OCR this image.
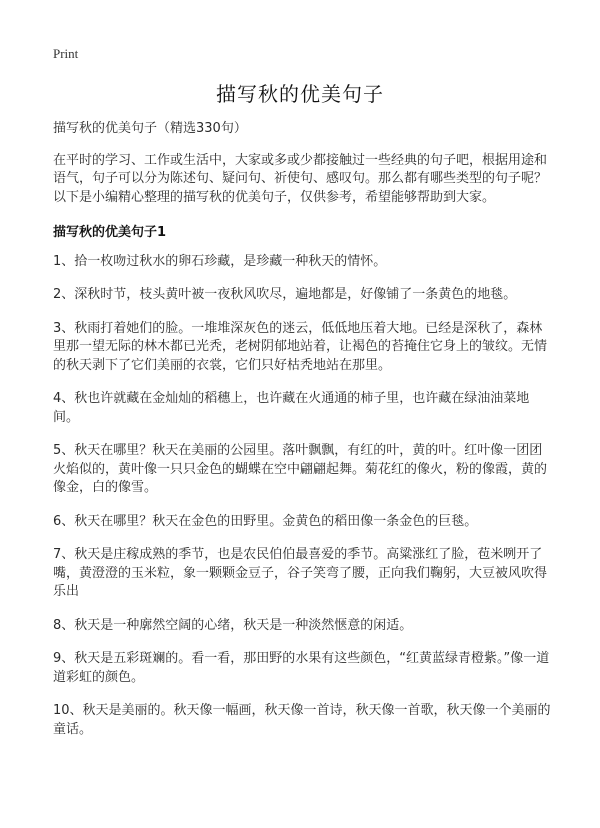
Print
描写秋的优美句子

描写秋的优美句子（精选330句）

在平时的学习、工作或生活中，大家或多或少都接触过一些经典的句子吧，根据用途和语气，句子可以分为陈述句、疑问句、祈使句、感叹句。那么都有哪些类型的句子呢？以下是小编精心整理的描写秋的优美句子，仅供参考，希望能够帮助到大家。

描写秋的优美句子1

1、拾一枚吻过秋水的卵石珍藏，是珍藏一种秋天的情怀。

2、深秋时节，枝头黄叶被一夜秋风吹尽，遍地都是，好像铺了一条黄色的地毯。

3、秋雨打着她们的脸。一堆堆深灰色的迷云，低低地压着大地。已经是深秋了，森林里那一望无际的林木都已光秃，老树阴郁地站着，让褐色的苔掩住它身上的皱纹。无情的秋天剥下了它们美丽的衣裳，它们只好枯秃地站在那里。

4、秋也许就藏在金灿灿的稻穗上，也许藏在火通通的柿子里，也许藏在绿油油菜地间。

5、秋天在哪里？秋天在美丽的公园里。落叶飘飘，有红的叶，黄的叶。红叶像一团团火焰似的，黄叶像一只只金色的蝴蝶在空中翩翩起舞。菊花红的像火，粉的像霞，黄的像金，白的像雪。

6、秋天在哪里？秋天在金色的田野里。金黄色的稻田像一条金色的巨毯。

7、秋天是庄稼成熟的季节，也是农民伯伯最喜爱的季节。高粱涨红了脸，苞米咧开了嘴，黄澄澄的玉米粒，象一颗颗金豆子，谷子笑弯了腰，正向我们鞠躬，大豆被风吹得乐出

8、秋天是一种廓然空阔的心绪，秋天是一种淡然惬意的闲适。

9、秋天是五彩斑斓的。看一看，那田野的水果有这些颜色，“红黄蓝绿青橙紫。”像一道道彩虹的颜色。

10、秋天是美丽的。秋天像一幅画，秋天像一首诗，秋天像一首歌，秋天像一个美丽的童话。
